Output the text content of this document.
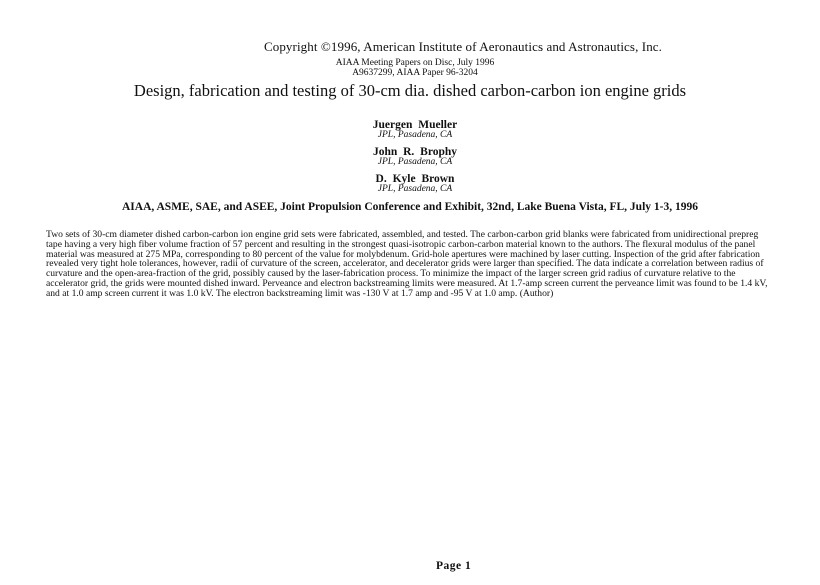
Copyright ©1996, American Institute of Aeronautics and Astronautics, Inc.
AIAA Meeting Papers on Disc, July 1996
A9637299, AIAA Paper 96-3204
Design, fabrication and testing of 30-cm dia. dished carbon-carbon ion engine grids
Juergen Mueller
JPL, Pasadena, CA
John R. Brophy
JPL, Pasadena, CA
D. Kyle Brown
JPL, Pasadena, CA
AIAA, ASME, SAE, and ASEE, Joint Propulsion Conference and Exhibit, 32nd, Lake Buena Vista, FL, July 1-3, 1996

Two sets of 30-cm diameter dished carbon-carbon ion engine grid sets were fabricated, assembled, and tested. The carbon-carbon grid blanks were fabricated from unidirectional prepreg tape having a very high fiber volume fraction of 57 percent and resulting in the strongest quasi-isotropic carbon-carbon material known to the authors. The flexural modulus of the panel material was measured at 275 MPa, corresponding to 80 percent of the value for molybdenum. Grid-hole apertures were machined by laser cutting. Inspection of the grid after fabrication revealed very tight hole tolerances, however, radii of curvature of the screen, accelerator, and decelerator grids were larger than specified. The data indicate a correlation between radius of curvature and the open-area-fraction of the grid, possibly caused by the laser-fabrication process. To minimize the impact of the larger screen grid radius of curvature relative to the accelerator grid, the grids were mounted dished inward. Perveance and electron backstreaming limits were measured. At 1.7-amp screen current the perveance limit was found to be 1.4 kV, and at 1.0 amp screen current it was 1.0 kV. The electron backstreaming limit was -130 V at 1.7 amp and -95 V at 1.0 amp. (Author)

Page 1
